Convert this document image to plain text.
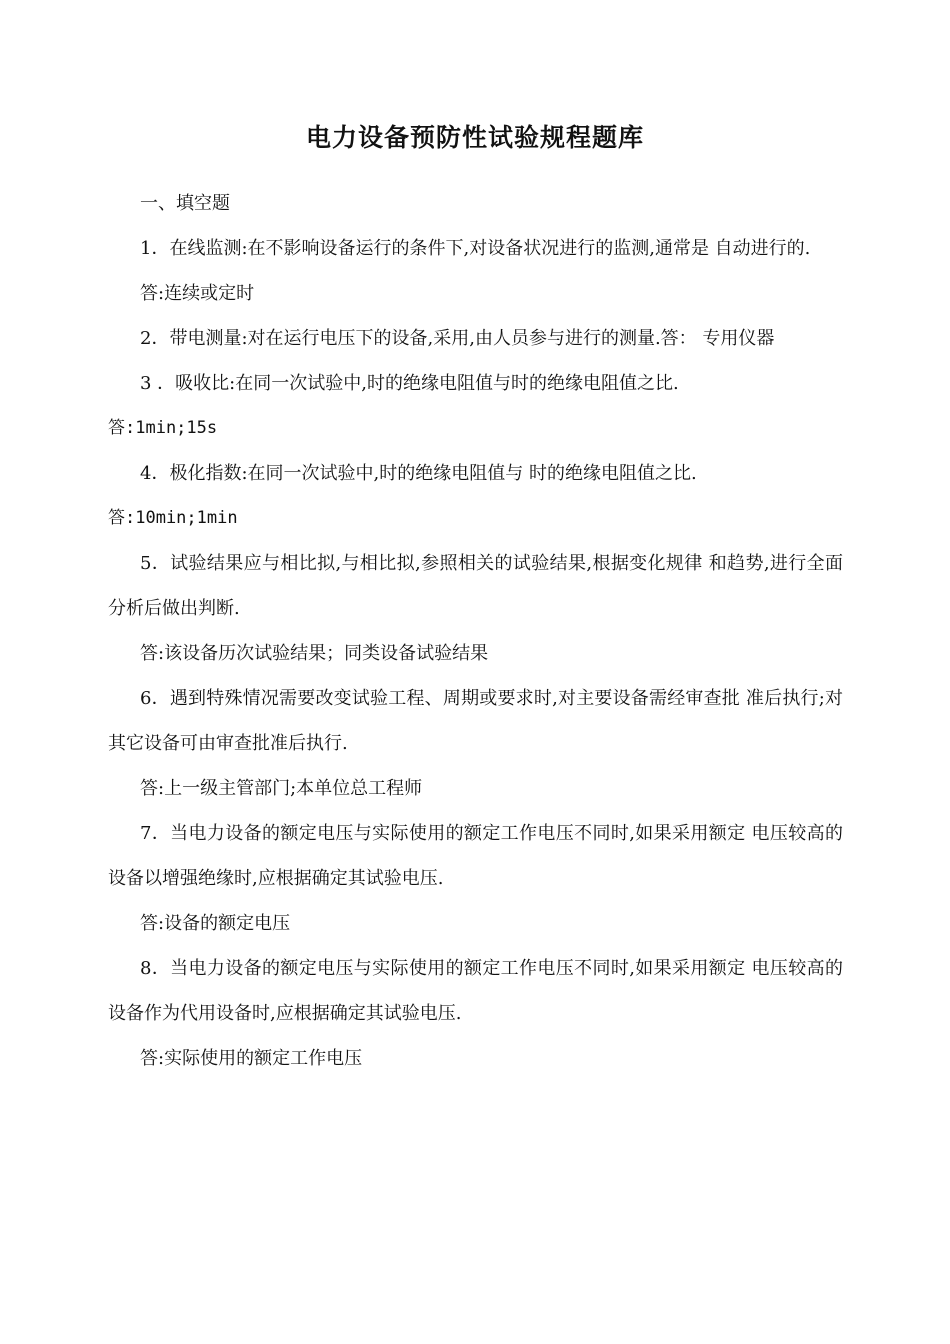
电力设备预防性试验规程题库

一、填空题

1．在线监测:在不影响设备运行的条件下,对设备状况进行的监测,通常是 自动进行的.

答:连续或定时

2．带电测量:对在运行电压下的设备,采用,由人员参与进行的测量.答： 专用仪器

3 ．吸收比:在同一次试验中,时的绝缘电阻值与时的绝缘电阻值之比.

答:1min;15s

4．极化指数:在同一次试验中,时的绝缘电阻值与 时的绝缘电阻值之比.

答:10min;1min

5．试验结果应与相比拟,与相比拟,参照相关的试验结果,根据变化规律 和趋势,进行全面分析后做出判断.

答:该设备历次试验结果；同类设备试验结果

6．遇到特殊情况需要改变试验工程、周期或要求时,对主要设备需经审查批 准后执行;对其它设备可由审查批准后执行.

答:上一级主管部门;本单位总工程师

7．当电力设备的额定电压与实际使用的额定工作电压不同时,如果采用额定 电压较高的设备以增强绝缘时,应根据确定其试验电压.

答:设备的额定电压

8．当电力设备的额定电压与实际使用的额定工作电压不同时,如果采用额定 电压较高的设备作为代用设备时,应根据确定其试验电压.

答:实际使用的额定工作电压
